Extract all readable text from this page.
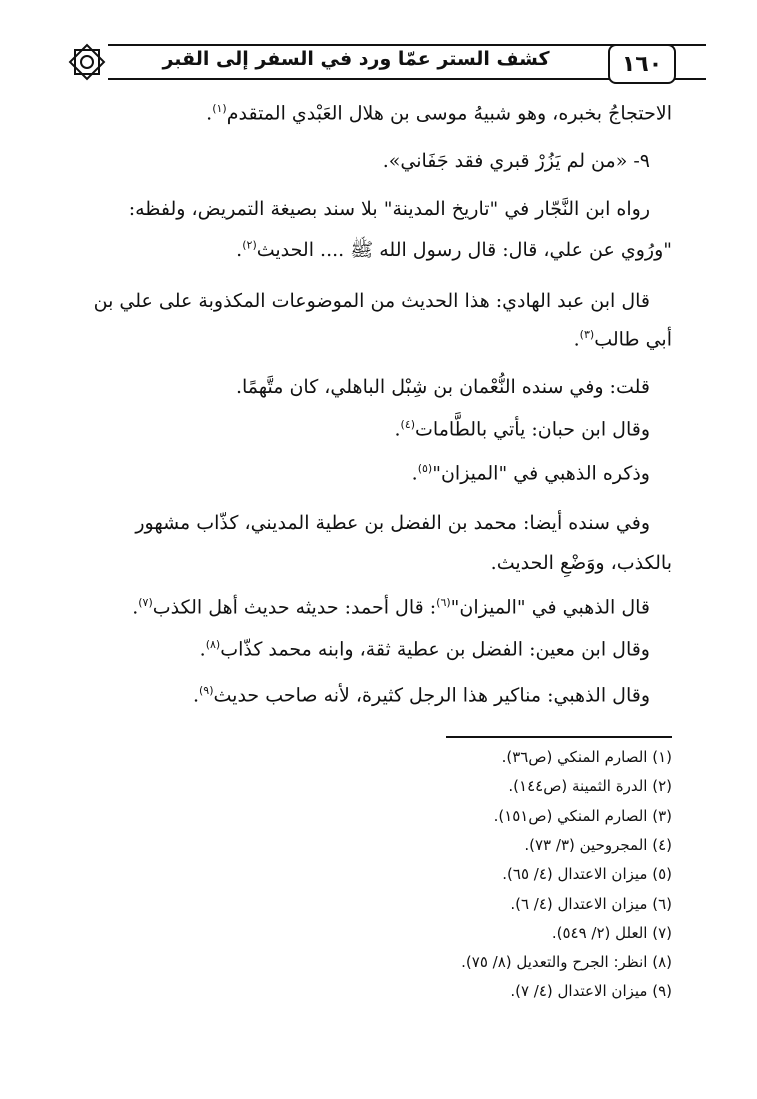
كشف الستر عمّا ورد في السفر إلى القبر	١٦٠
الاحتجاجُ بخبره، وهو شبيهُ موسى بن هلال العَبْدي المتقدم$^{(١)}$.
٩- «من لم يَزُرْ قبري فقد جَفَاني».
رواه ابن النَّجّار في "تاريخ المدينة" بلا سند بصيغة التمريض، ولفظه:
"ورُوي عن علي، قال: قال رسول الله ﷺ .... الحديث$^{(٢)}$.
قال ابن عبد الهادي: هذا الحديث من الموضوعات المكذوبة على علي بن
أبي طالب$^{(٣)}$.
قلت: وفي سنده النُّعْمان بن شِبْل الباهلي، كان متَّهمًا.
وقال ابن حبان: يأتي بالطَّامات$^{(٤)}$.
وذكره الذهبي في "الميزان"$^{(٥)}$.
وفي سنده أيضا: محمد بن الفضل بن عطية المديني، كذّاب مشهور
بالكذب، ووَضْعِ الحديث.
قال الذهبي في "الميزان"$^{(٦)}$: قال أحمد: حديثه حديث أهل الكذب$^{(٧)}$.
وقال ابن معين: الفضل بن عطية ثقة، وابنه محمد كذّاب$^{(٨)}$.
وقال الذهبي: مناكير هذا الرجل كثيرة، لأنه صاحب حديث$^{(٩)}$.
(١) الصارم المنكي (ص٣٦).
(٢) الدرة الثمينة (ص١٤٤).
(٣) الصارم المنكي (ص١٥١).
(٤) المجروحين (٣/ ٧٣).
(٥) ميزان الاعتدال (٤/ ٦٥).
(٦) ميزان الاعتدال (٤/ ٦).
(٧) العلل (٢/ ٥٤٩).
(٨) انظر: الجرح والتعديل (٨/ ٧٥).
(٩) ميزان الاعتدال (٤/ ٧).
